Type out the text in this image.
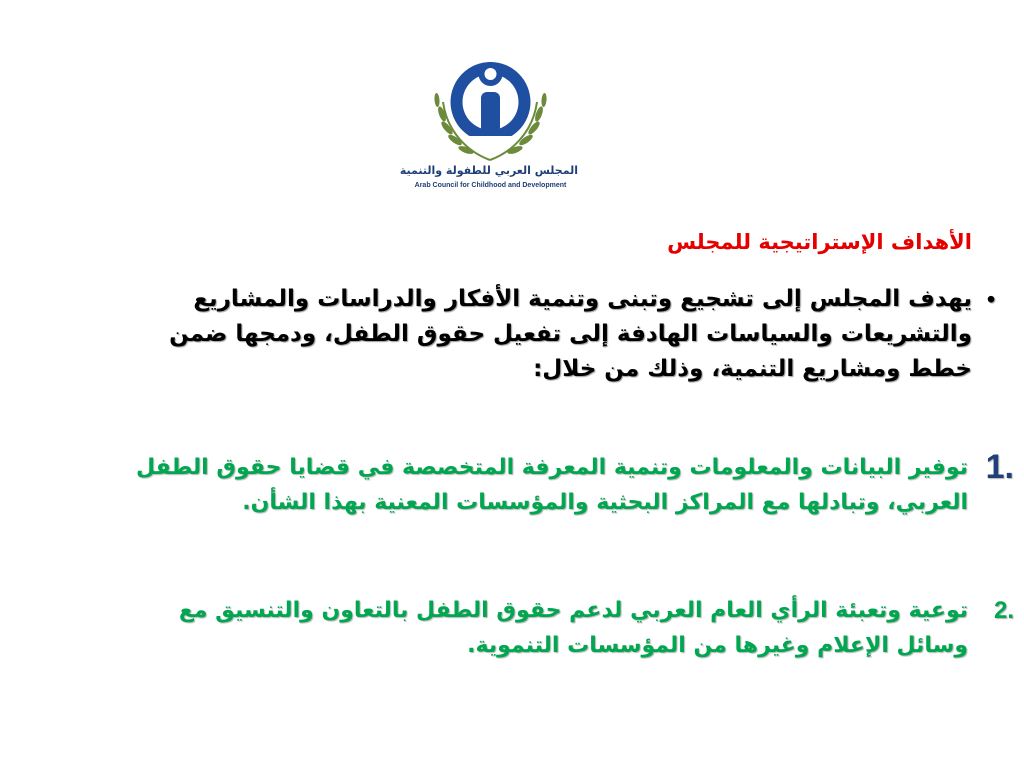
المجلس العربي للطفولة والتنمية
Arab Council for Childhood and Development
الأهداف الإستراتيجية للمجلس
•
يهدف المجلس إلى تشجيع وتبنى وتنمية الأفكار والدراسات والمشاريع والتشريعات والسياسات الهادفة إلى تفعيل حقوق الطفل، ودمجها ضمن خطط ومشاريع التنمية، وذلك من خلال:
1.
توفير البيانات والمعلومات وتنمية المعرفة المتخصصة في قضايا حقوق الطفل العربي، وتبادلها مع المراكز البحثية والمؤسسات المعنية بهذا الشأن.
2.
توعية وتعبئة الرأي العام العربي لدعم حقوق الطفل بالتعاون والتنسيق مع وسائل الإعلام وغيرها من المؤسسات التنموية.
